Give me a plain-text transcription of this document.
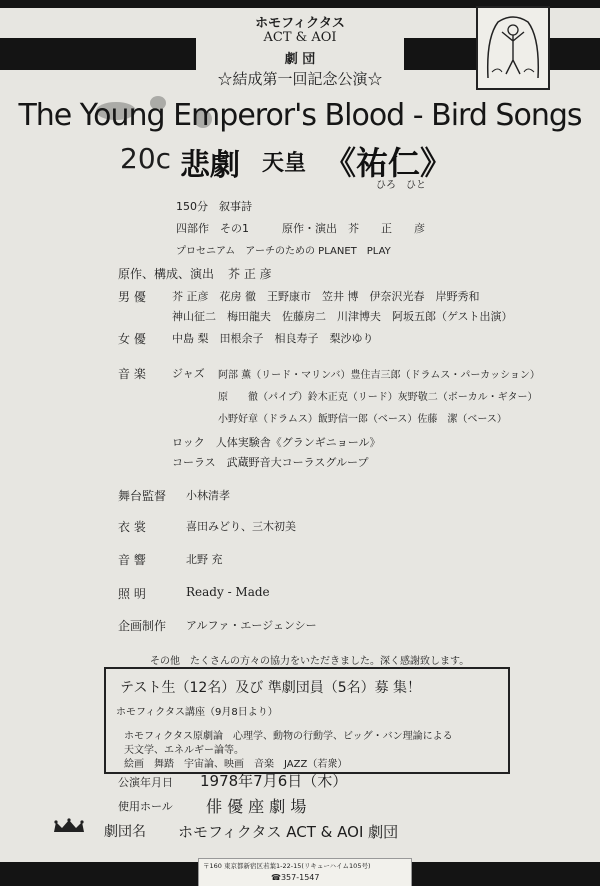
ホモフィクタス
ACT & AOI
劇 団
☆結成第一回記念公演☆
The Young Emperor's Blood - Bird Songs
20c 悲劇 天皇 《祐仁》
ひろ　ひと
150分　叙事詩
四部作　その1　　　原作・演出　芥　　正　　彦
プロセニアム　アーチのための PLANET　PLAY
原作、構成、演出 芥 正 彦
男 優 芥 正彦　花房 徹　王野康市　笠井 博　伊奈沢光春　岸野秀和
神山征二　梅田龍夫　佐藤房二　川津博夫　阿坂五郎（ゲスト出演）
女 優 中島 梨　田根余子　相良寿子　梨沙ゆり
音 楽 ジャズ 阿部 薫（リード・マリンバ）豊住吉三郎（ドラムス・パーカッション）
原　　徹（パイプ）鈴木正克（リード）灰野敬二（ボーカル・ギター）
小野好章（ドラムス）飯野信一郎（ベース）佐藤　潔（ベース）
ロック　人体実験舎《グランギニョール》
コーラス　武蔵野音大コーラスグループ
舞台監督 小林清孝
衣 裳	喜田みどり、三木初美
音 響	北野 充
照 明	Ready - Made
企画制作 アルファ・エージェンシー
その他　たくさんの方々の協力をいただきました。深く感謝致します。
テスト生（12名）及び 準劇団員（5名）募 集！
ホモフィクタス講座（9月8日より）
ホモフィクタス原劇論　心理学、動物の行動学、ビッグ・バン理論による
天文学、エネルギー論等。
絵画　舞踏　宇宙論、映画　音楽　JAZZ（若衆）
公演年月日 1978年7月6日（木）
使用ホール 俳 優 座 劇 場
劇団名 ホモフィクタス ACT & AOI 劇団
〒160 東京都新宿区若葉1-22-15(リキューハイム105号)
☎357-1547
